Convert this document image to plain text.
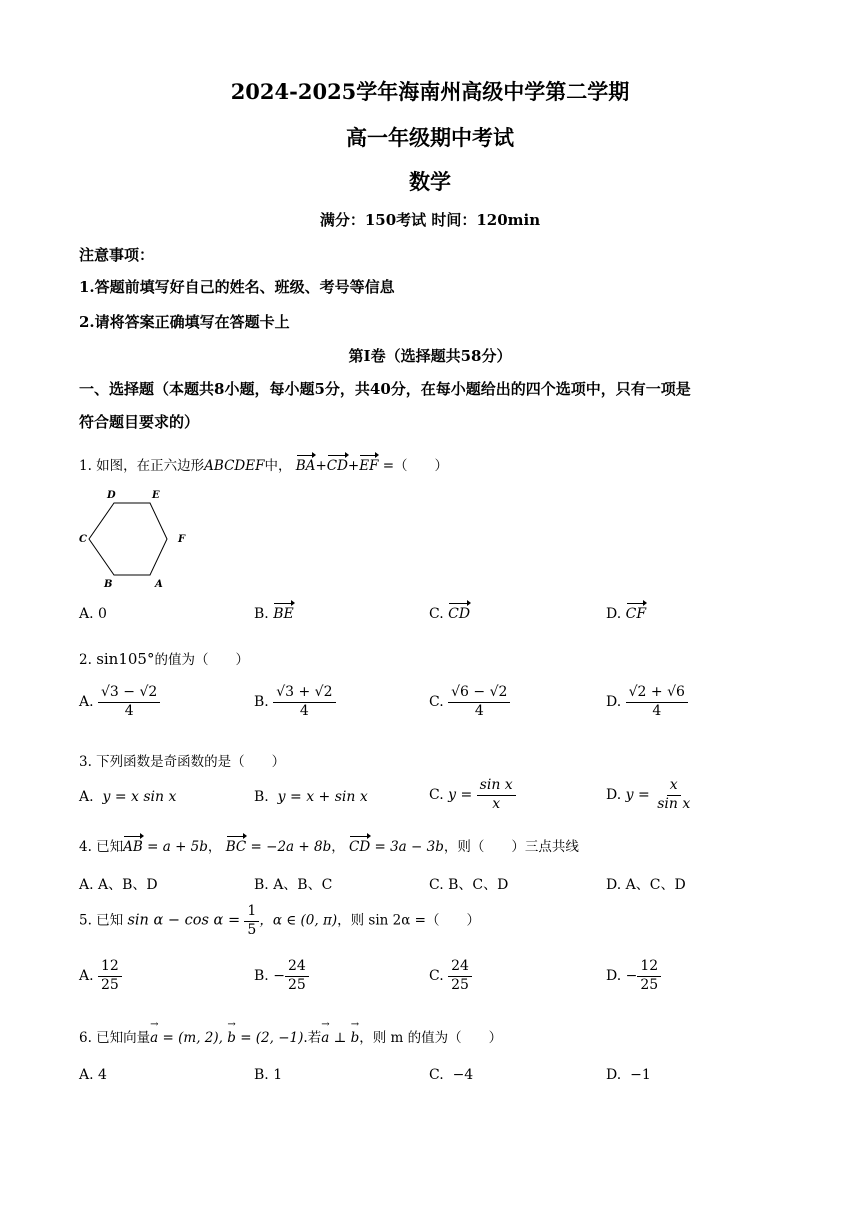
2024-2025学年海南州高级中学第二学期
高一年级期中考试
数学
满分：150考试 时间：120min
注意事项：
1.答题前填写好自己的姓名、班级、考号等信息
2.请将答案正确填写在答题卡上
第Ⅰ卷（选择题共58分）
一、选择题（本题共8小题，每小题5分，共40分，在每小题给出的四个选项中，只有一项是
符合题目要求的）
1. 如图，在正六边形ABCDEF中， BA+CD+EF =（　　）
D	E
C	F
B	A
A. 0	B. BE	C. CD	D. CF
2. sin105°的值为（　　）
A. $\frac{√3 - √2}{4}$	B. $\frac{√3 + √2}{4}$	C. $\frac{√6 - √2}{4}$	D. $\frac{√2 + √6}{4}$
3. 下列函数是奇函数的是（　　）
A. y = x sin x	B. y = x + sin x	C. $y = \frac{\text{sin x}}{x}$	D. $y = \frac{x}{\text{sin x}}$
4. 已知AB = a + 5b， BC = −2a + 8b， CD = 3a − 3b，则（　　）三点共线
A. A、B、D	B. A、B、C	C. B、C、D	D. A、C、D
5. 已知 $\sin \alpha - \cos \alpha = \frac{1}{5}$ ，α ∈ (0, π)，则 sin 2α =（　　）
A. $\frac{12}{25}$	B. − $\frac{24}{25}$	C. $\frac{24}{25}$	D. − $\frac{12}{25}$
6. 已知向量→ a = (m, 2), → b = (2, −1).若→ a ⊥ → b，则 m 的值为（　　）
A. 4	B. 1	C. −4	D. −1
